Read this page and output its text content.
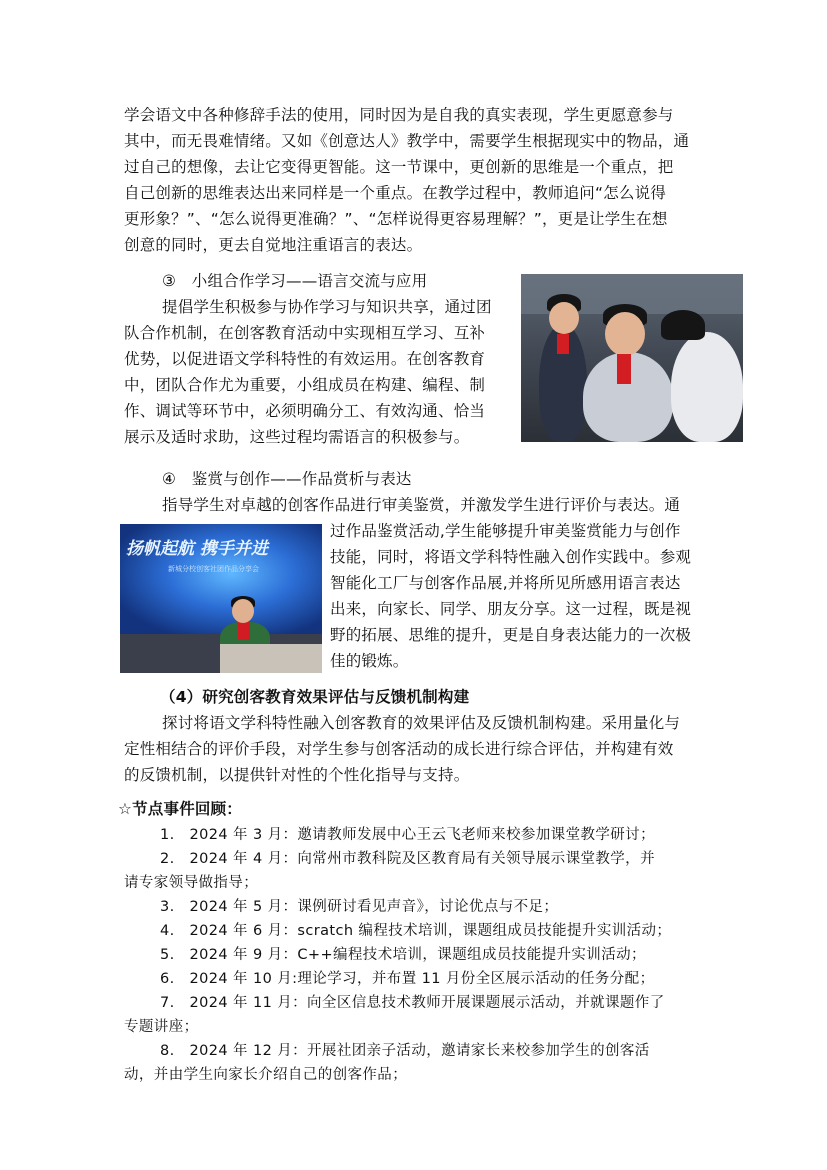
学会语文中各种修辞手法的使用，同时因为是自我的真实表现，学生更愿意参与
其中，而无畏难情绪。又如《创意达人》教学中，需要学生根据现实中的物品，通
过自己的想像，去让它变得更智能。这一节课中，更创新的思维是一个重点，把
自己创新的思维表达出来同样是一个重点。在教学过程中，教师追问“怎么说得
更形象？”、“怎么说得更准确？”、“怎样说得更容易理解？”，更是让学生在想
创意的同时，更去自觉地注重语言的表达。
③　小组合作学习——语言交流与应用
提倡学生积极参与协作学习与知识共享，通过团
队合作机制，在创客教育活动中实现相互学习、互补
优势，以促进语文学科特性的有效运用。在创客教育
中，团队合作尤为重要，小组成员在构建、编程、制
作、调试等环节中，必须明确分工、有效沟通、恰当
展示及适时求助，这些过程均需语言的积极参与。
④　鉴赏与创作——作品赏析与表达
指导学生对卓越的创客作品进行审美鉴赏，并激发学生进行评价与表达。通
过作品鉴赏活动,学生能够提升审美鉴赏能力与创作
技能，同时，将语文学科特性融入创作实践中。参观
智能化工厂与创客作品展,并将所见所感用语言表达
出来，向家长、同学、朋友分享。这一过程，既是视
野的拓展、思维的提升，更是自身表达能力的一次极
佳的锻炼。
扬帆起航 携手并进
新城分校创客社团作品分享会
（4）研究创客教育效果评估与反馈机制构建
探讨将语文学科特性融入创客教育的效果评估及反馈机制构建。采用量化与
定性相结合的评价手段，对学生参与创客活动的成长进行综合评估，并构建有效
的反馈机制，以提供针对性的个性化指导与支持。
☆节点事件回顾：
1.　2024 年 3 月：邀请教师发展中心王云飞老师来校参加课堂教学研讨；
2.　2024 年 4 月：向常州市教科院及区教育局有关领导展示课堂教学，并
请专家领导做指导；
3.　2024 年 5 月：课例研讨看见声音》，讨论优点与不足；
4.　2024 年 6 月：scratch 编程技术培训，课题组成员技能提升实训活动；
5.　2024 年 9 月：C++编程技术培训，课题组成员技能提升实训活动；
6.　2024 年 10 月:理论学习，并布置 11 月份全区展示活动的任务分配；
7.　2024 年 11 月：向全区信息技术教师开展课题展示活动，并就课题作了
专题讲座；
8.　2024 年 12 月：开展社团亲子活动，邀请家长来校参加学生的创客活
动，并由学生向家长介绍自己的创客作品；
